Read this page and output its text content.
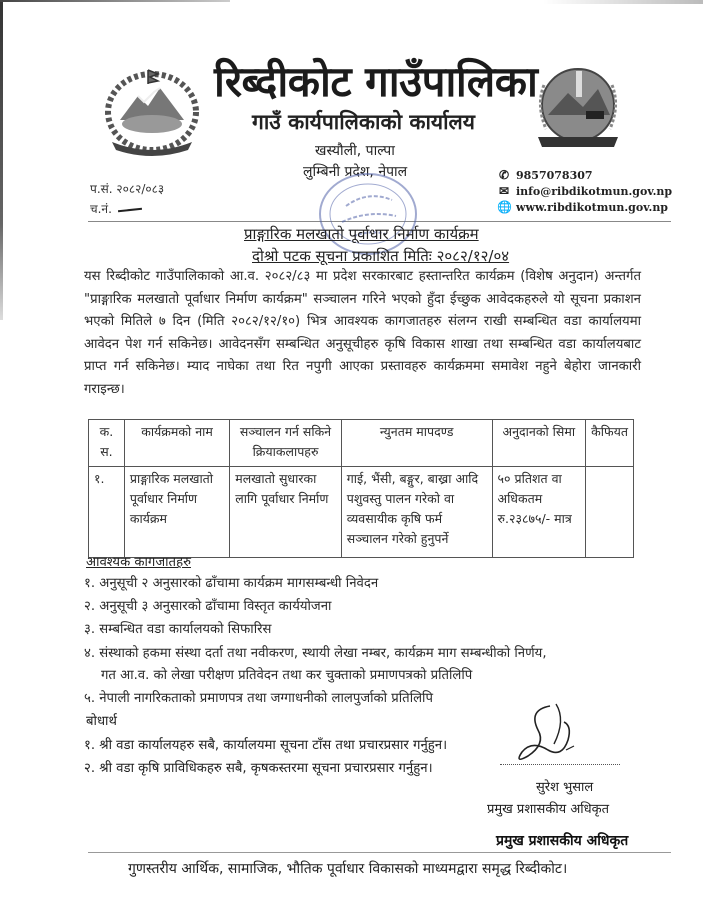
रिब्दीकोट गाउँपालिका
गाउँ कार्यपालिकाको कार्यालय
खस्यौली, पाल्पा
लुम्बिनी प्रदेश, नेपाल
प.सं. २०८२/०८३
च.नं.
✆ 9857078307
✉ info@ribdikotmun.gov.np
🌐 www.ribdikotmun.gov.np
प्राङ्गारिक मलखातो पूर्वाधार निर्माण कार्यक्रम
दोश्रो पटक सूचना प्रकाशित मितिः २०८२/१२/०४
यस रिब्दीकोट गाउँपालिकाको आ.व. २०८२/८३ मा प्रदेश सरकारबाट हस्तान्तरित कार्यक्रम (विशेष अनुदान) अन्तर्गत "प्राङ्गारिक मलखातो पूर्वाधार निर्माण कार्यक्रम" सञ्चालन गरिने भएको हुँदा ईच्छुक आवेदकहरुले यो सूचना प्रकाशन भएको मितिले ७ दिन (मिति २०८२/१२/१०) भित्र आवश्यक कागजातहरु संलग्न राखी सम्बन्धित वडा कार्यालयमा आवेदन पेश गर्न सकिनेछ। आवेदनसँग सम्बन्धित अनुसूचीहरु कृषि विकास शाखा तथा सम्बन्धित वडा कार्यालयबाट प्राप्त गर्न सकिनेछ। म्याद नाघेका तथा रित नपुगी आएका प्रस्तावहरु कार्यक्रममा समावेश नहुने बेहोरा जानकारी गराइन्छ।
क. स.	कार्यक्रमको नाम	सञ्चालन गर्न सकिने क्रियाकलापहरु	न्युनतम मापदण्ड	अनुदानको सिमा	कैफियत
१.	प्राङ्गारिक मलखातो पूर्वाधार निर्माण कार्यक्रम	मलखातो सुधारका लागि पूर्वाधार निर्माण	गाई, भैंसी, बङ्गुर, बाख्रा आदि पशुवस्तु पालन गरेको वा व्यवसायीक कृषि फर्म सञ्चालन गरेको हुनुपर्ने	५० प्रतिशत वा अधिकतम रु.२३८७५/- मात्र	
आवश्यक कागजातहरु
१. अनुसूची २ अनुसारको ढाँचामा कार्यक्रम मागसम्बन्धी निवेदन
२. अनुसूची ३ अनुसारको ढाँचामा विस्तृत कार्ययोजना
३. सम्बन्धित वडा कार्यालयको सिफारिस
४. संस्थाको हकमा संस्था दर्ता तथा नवीकरण, स्थायी लेखा नम्बर, कार्यक्रम माग सम्बन्धीको निर्णय,
गत आ.व. को लेखा परीक्षण प्रतिवेदन तथा कर चुक्ताको प्रमाणपत्रको प्रतिलिपि
५. नेपाली नागरिकताको प्रमाणपत्र तथा जग्गाधनीको लालपुर्जाको प्रतिलिपि
बोधार्थ
१. श्री वडा कार्यालयहरु सबै, कार्यालयमा सूचना टाँस तथा प्रचारप्रसार गर्नुहुन।
२. श्री वडा कृषि प्राविधिकहरु सबै, कृषकस्तरमा सूचना प्रचारप्रसार गर्नुहुन।
सुरेश भुसाल
प्रमुख प्रशासकीय अधिकृत
प्रमुख प्रशासकीय अधिकृत
गुणस्तरीय आर्थिक, सामाजिक, भौतिक पूर्वाधार विकासको माध्यमद्वारा समृद्ध रिब्दीकोट।
